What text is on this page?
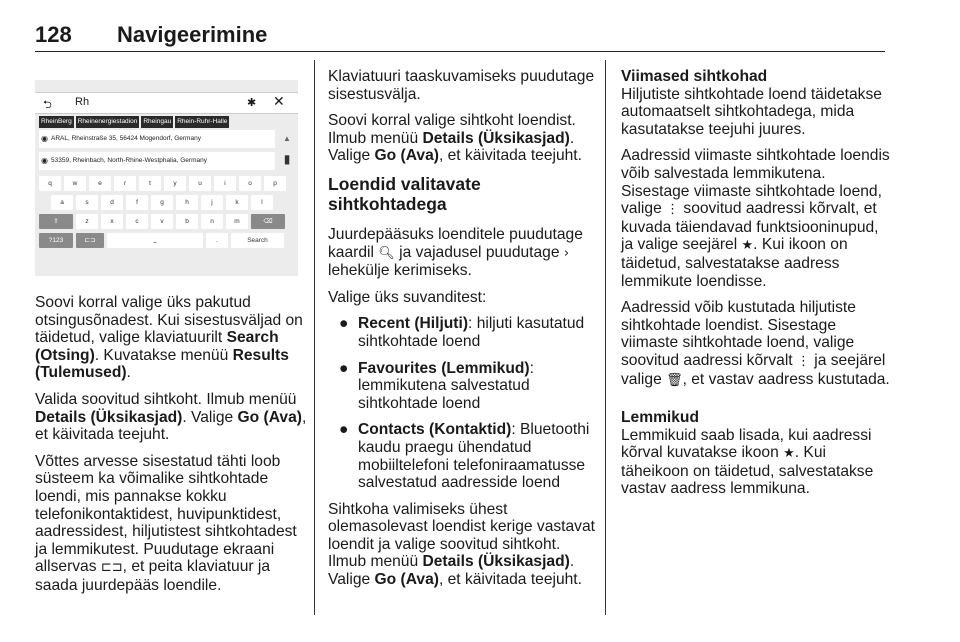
128 Navigeerimine
⮌ Rh	✱ ✕
RheinBerg Rheinenergiestadion Rheingau Rhein-Ruhr-Halle
◉ ARAL, Rheinstraße 35, 56424 Mogendorf, Germany	▲
◉ 53359, Rheinbach, North-Rhine-Westphalia, Germany	▮
q	w	e	r	t	y	u	i	o	p
a	s	d	f	g	h	j	k	l
⇧	z	x	c	v	b	n	m	⌫
?123	⊏⊐	⎵	.	Search

Soovi korral valige üks pakutud otsingusõnadest. Kui sisestusväljad on täidetud, valige klaviatuurilt Search (Otsing). Kuvatakse menüü Results (Tulemused).

Valida soovitud sihtkoht. Ilmub menüü Details (Üksikasjad). Valige Go (Ava), et käivitada teejuht.

Võttes arvesse sisestatud tähti loob süsteem ka võimalike sihtkohtade loendi, mis pannakse kokku telefonikontaktidest, huvipunktidest, aadressidest, hiljutistest sihtkohtadest ja lemmikutest. Puudutage ekraani allservas ⊏⊐, et peita klaviatuur ja saada juurdepääs loendile.

Klaviatuuri taaskuvamiseks puudutage sisestusvälja.

Soovi korral valige sihtkoht loendist. Ilmub menüü Details (Üksikasjad). Valige Go (Ava), et käivitada teejuht.

Loendid valitavate sihtkohtadega

Juurdepääsuks loenditele puudutage kaardil 🔍︎ ja vajadusel puudutage › lehekülje kerimiseks.

Valige üks suvanditest:

● Recent (Hiljuti): hiljuti kasutatud sihtkohtade loend
● Favourites (Lemmikud): lemmikutena salvestatud sihtkohtade loend
● Contacts (Kontaktid): Bluetoothi kaudu praegu ühendatud mobiiltelefoni telefoniraamatusse salvestatud aadresside loend

Sihtkoha valimiseks ühest olemasolevast loendist kerige vastavat loendit ja valige soovitud sihtkoht. Ilmub menüü Details (Üksikasjad). Valige Go (Ava), et käivitada teejuht.

Viimased sihtkohad
Hiljutiste sihtkohtade loend täidetakse automaatselt sihtkohtadega, mida kasutatakse teejuhi juures.

Aadressid viimaste sihtkohtade loendis võib salvestada lemmikutena. Sisestage viimaste sihtkohtade loend, valige ⋮ soovitud aadressi kõrvalt, et kuvada täiendavad funktsiooninupud, ja valige seejärel ★. Kui ikoon on täidetud, salvestatakse aadress lemmikute loendisse.

Aadressid võib kustutada hiljutiste sihtkohtade loendist. Sisestage viimaste sihtkohtade loend, valige soovitud aadressi kõrvalt ⋮ ja seejärel valige 🗑︎, et vastav aadress kustutada.

Lemmikud
Lemmikuid saab lisada, kui aadressi kõrval kuvatakse ikoon ★. Kui täheikoon on täidetud, salvestatakse vastav aadress lemmikuna.
